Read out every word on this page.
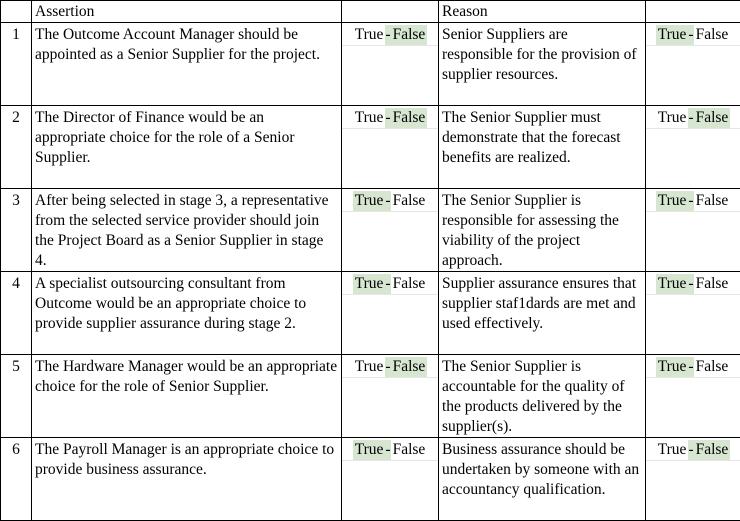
	Assertion		Reason	
1	The Outcome Account Manager should be appointed as a Senior Supplier for the project.	True - False	Senior Suppliers are responsible for the provision of supplier resources.	True - False

2	The Director of Finance would be an appropriate choice for the role of a Senior Supplier.	True - False	The Senior Supplier must demonstrate that the forecast benefits are realized.	True - False

3	After being selected in stage 3, a representative from the selected service provider should join the Project Board as a Senior Supplier in stage 4.	True - False	The Senior Supplier is responsible for assessing the viability of the project approach.	True - False

4	A specialist outsourcing consultant from Outcome would be an appropriate choice to provide supplier assurance during stage 2.	True - False	Supplier assurance ensures that supplier staf1dards are met and used effectively.	True - False

5	The Hardware Manager would be an appropriate choice for the role of Senior Supplier.	True - False	The Senior Supplier is accountable for the quality of the products delivered by the supplier(s).	True - False

6	The Payroll Manager is an appropriate choice to provide business assurance.	True - False	Business assurance should be undertaken by someone with an accountancy qualification.	True - False
